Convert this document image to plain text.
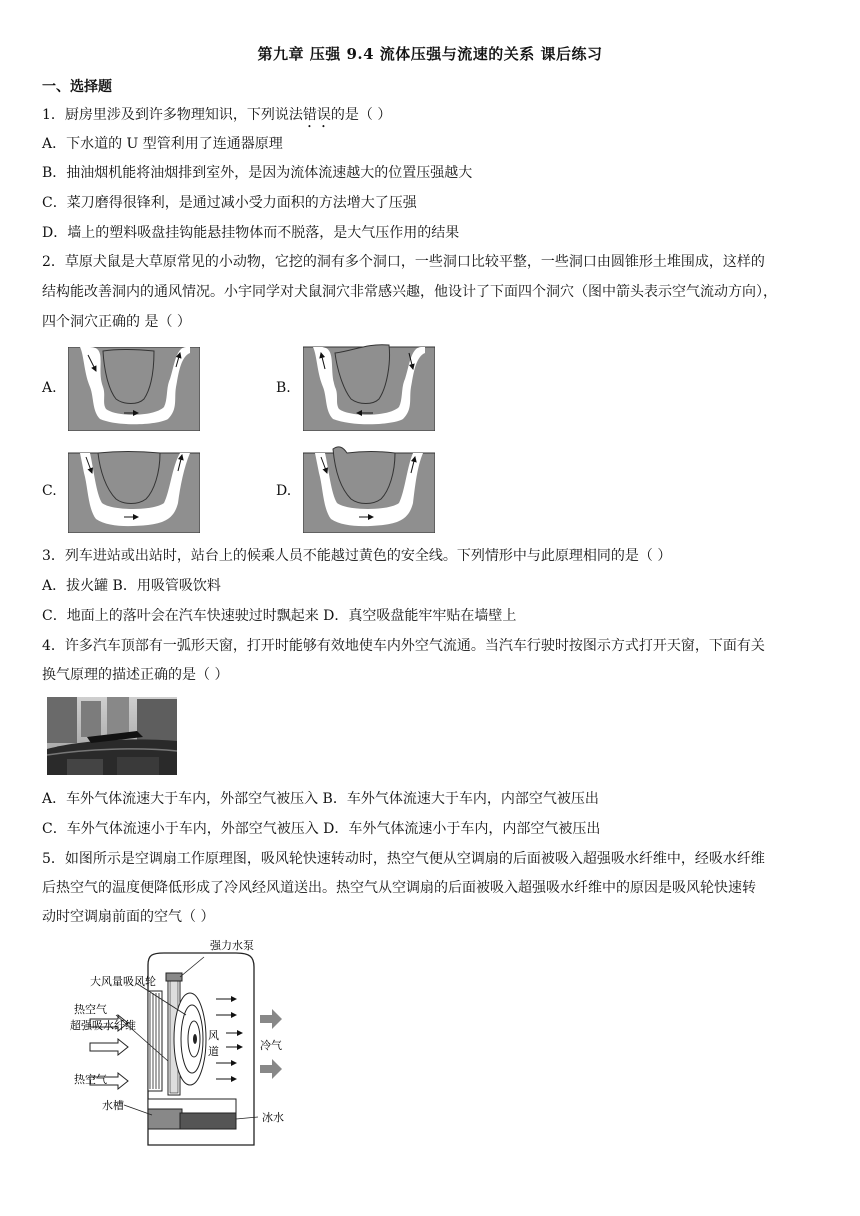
第九章 压强 9.4 流体压强与流速的关系 课后练习
一、选择题
1．厨房里涉及到许多物理知识，下列说法错误的是（ ）
A．下水道的 U 型管利用了连通器原理
B．抽油烟机能将油烟排到室外，是因为流体流速越大的位置压强越大
C．菜刀磨得很锋利，是通过减小受力面积的方法增大了压强
D．墙上的塑料吸盘挂钩能悬挂物体而不脱落，是大气压作用的结果
2．草原犬鼠是大草原常见的小动物，它挖的洞有多个洞口，一些洞口比较平整，一些洞口由圆锥形土堆围成，这样的
结构能改善洞内的通风情况。小宇同学对犬鼠洞穴非常感兴趣，他设计了下面四个洞穴（图中箭头表示空气流动方向），
四个洞穴正确的 是（ ）
A.	B.
C.	D.
3．列车进站或出站时，站台上的候乘人员不能越过黄色的安全线。下列情形中与此原理相同的是（ ）
A．拔火罐 B．用吸管吸饮料
C．地面上的落叶会在汽车快速驶过时飘起来 D．真空吸盘能牢牢贴在墙壁上
4．许多汽车顶部有一弧形天窗，打开时能够有效地使车内外空气流通。当汽车行驶时按图示方式打开天窗，下面有关
换气原理的描述正确的是（ ）
A．车外气体流速大于车内，外部空气被压入 B．车外气体流速大于车内，内部空气被压出
C．车外气体流速小于车内，外部空气被压入 D．车外气体流速小于车内，内部空气被压出
5．如图所示是空调扇工作原理图，吸风轮快速转动时，热空气便从空调扇的后面被吸入超强吸水纤维中，经吸水纤维
后热空气的温度便降低形成了冷风经风道送出。热空气从空调扇的后面被吸入超强吸水纤维中的原因是吸风轮快速转
动时空调扇前面的空气（ ）
强力水泵
大风量吸风轮
热空气
超强吸水纤维
热空气
风
道	冷气
水槽
冰水
